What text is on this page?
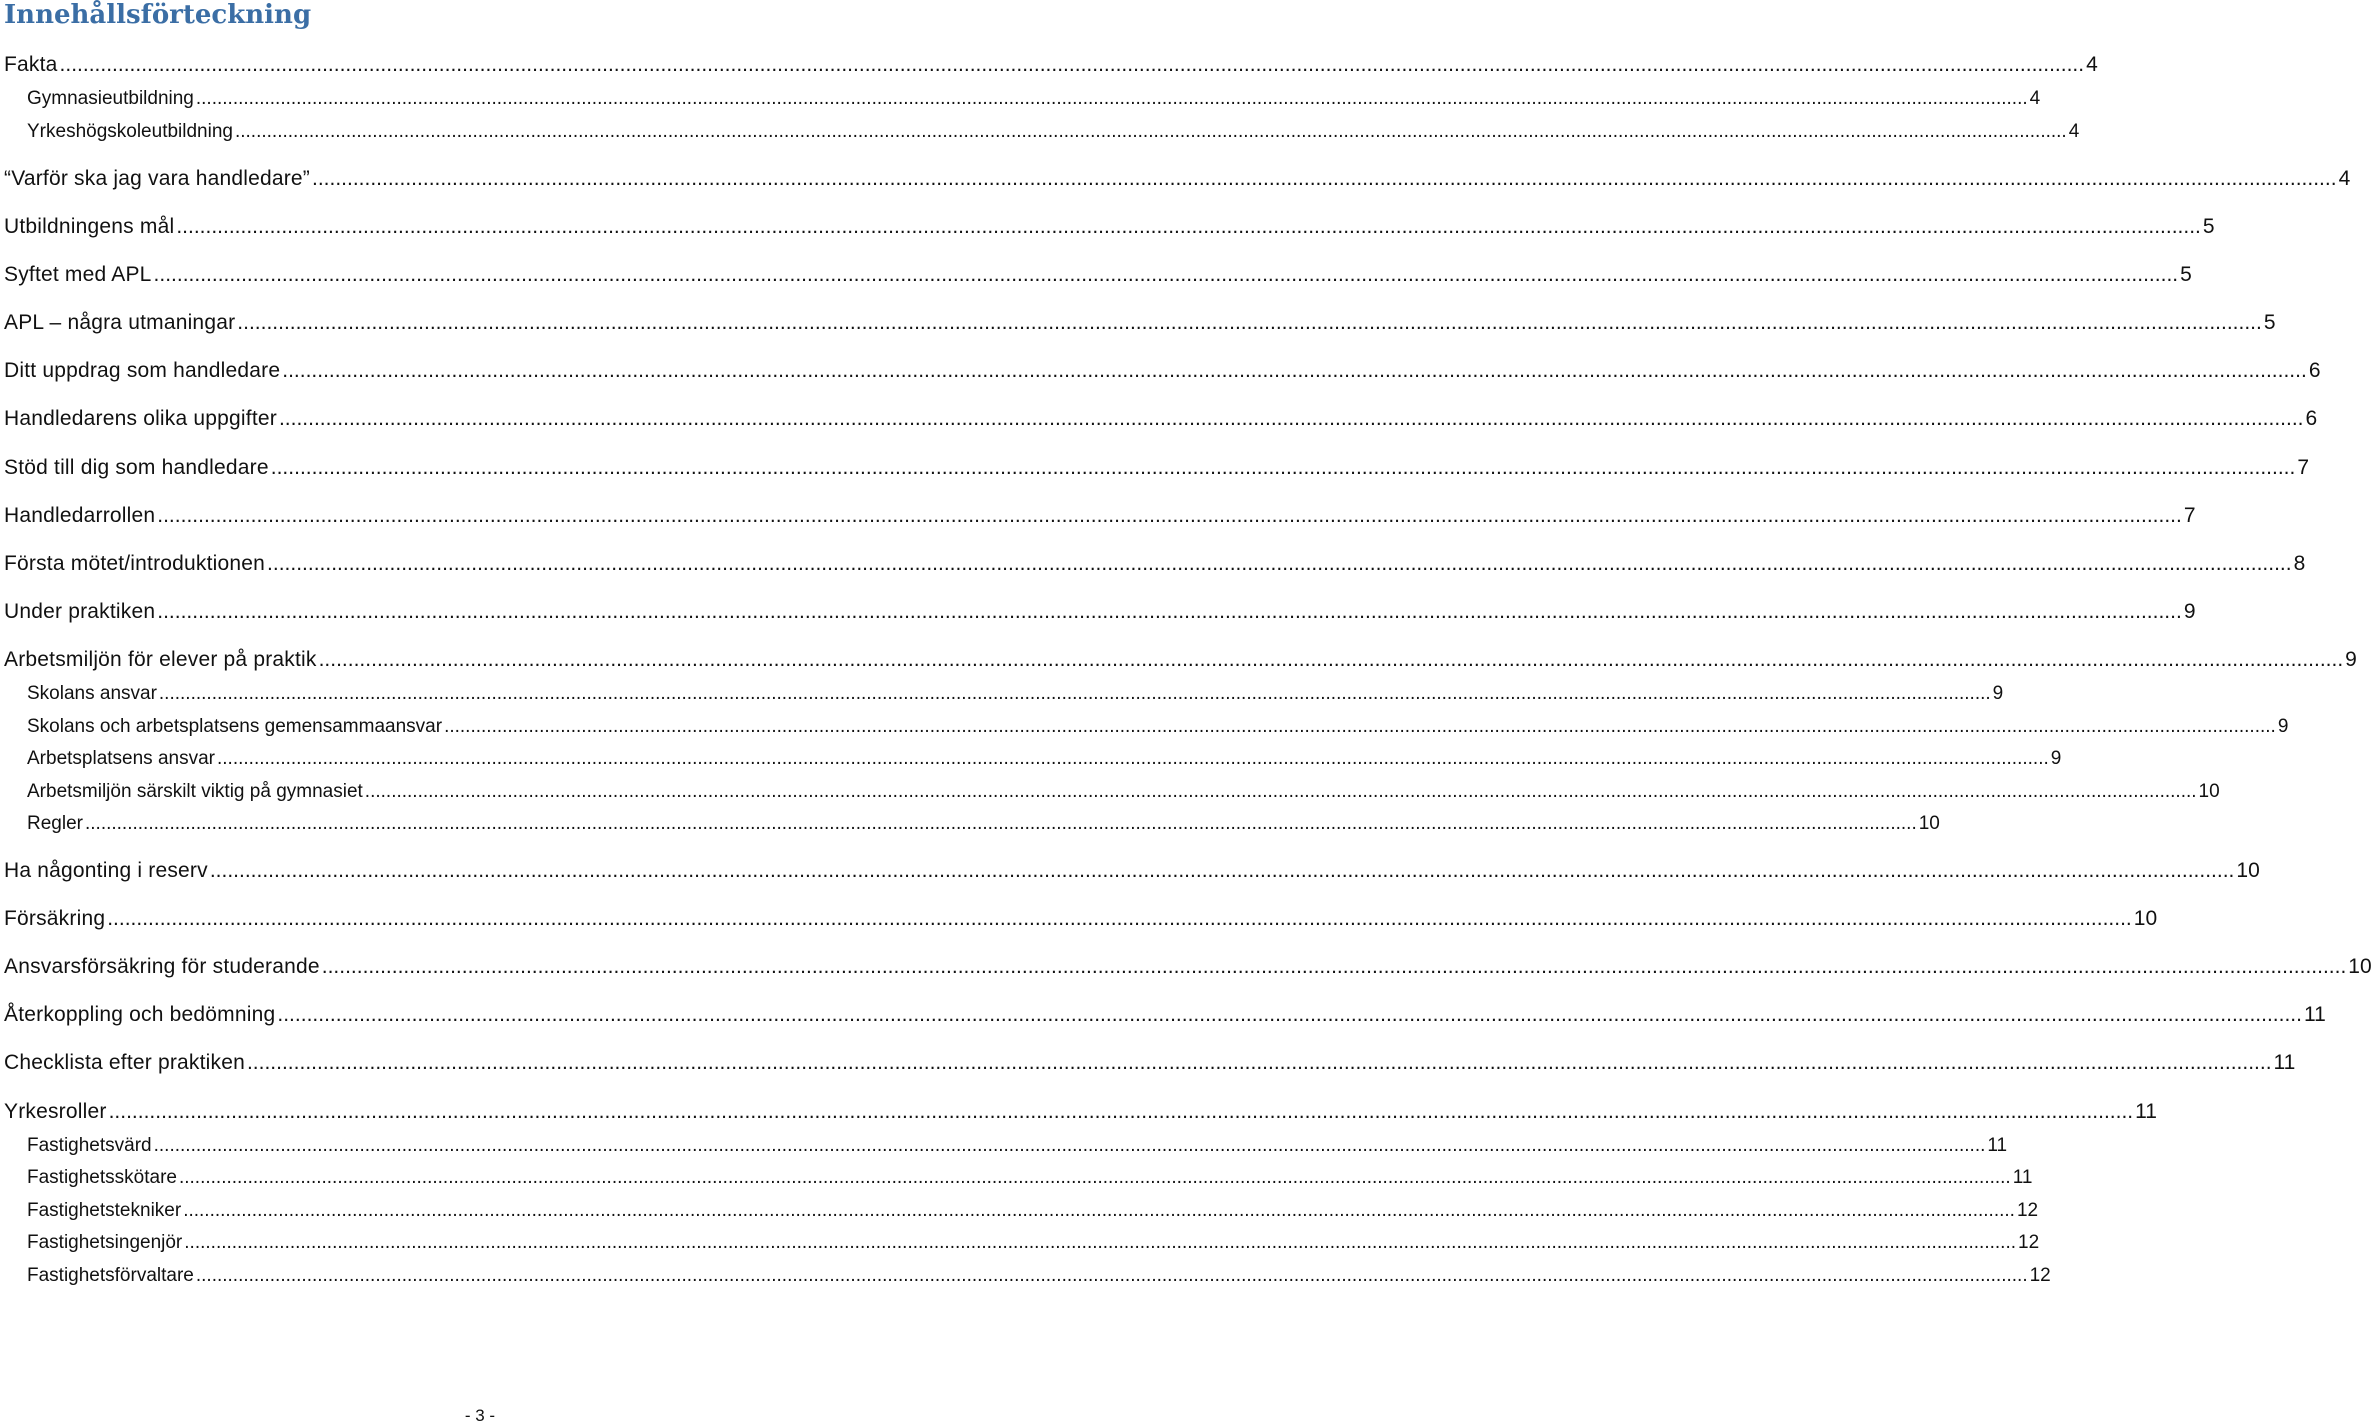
Innehållsförteckning
Fakta .....	4
Gymnasieutbildning .....	4
Yrkeshögskoleutbildning .....	4
“Varför ska jag vara handledare” .....	4
Utbildningens mål .....	5
Syftet med APL .....	5
APL – några utmaningar .....	5
Ditt uppdrag som handledare .....	6
Handledarens olika uppgifter .....	6
Stöd till dig som handledare .....	7
Handledarrollen .....	7
Första mötet/introduktionen .....	8
Under praktiken .....	9
Arbetsmiljön för elever på praktik .....	9
Skolans ansvar .....	9
Skolans och arbetsplatsens gemensammaansvar .....	9
Arbetsplatsens ansvar .....	9
Arbetsmiljön särskilt viktig på gymnasiet .....	10
Regler .....	10
Ha någonting i reserv .....	10
Försäkring .....	10
Ansvarsförsäkring för studerande .....	10
Återkoppling och bedömning .....	11
Checklista efter praktiken .....	11
Yrkesroller .....	11
Fastighetsvärd .....	11
Fastighetsskötare .....	11
Fastighetstekniker .....	12
Fastighetsingenjör .....	12
Fastighetsförvaltare .....	12
- 3 -
